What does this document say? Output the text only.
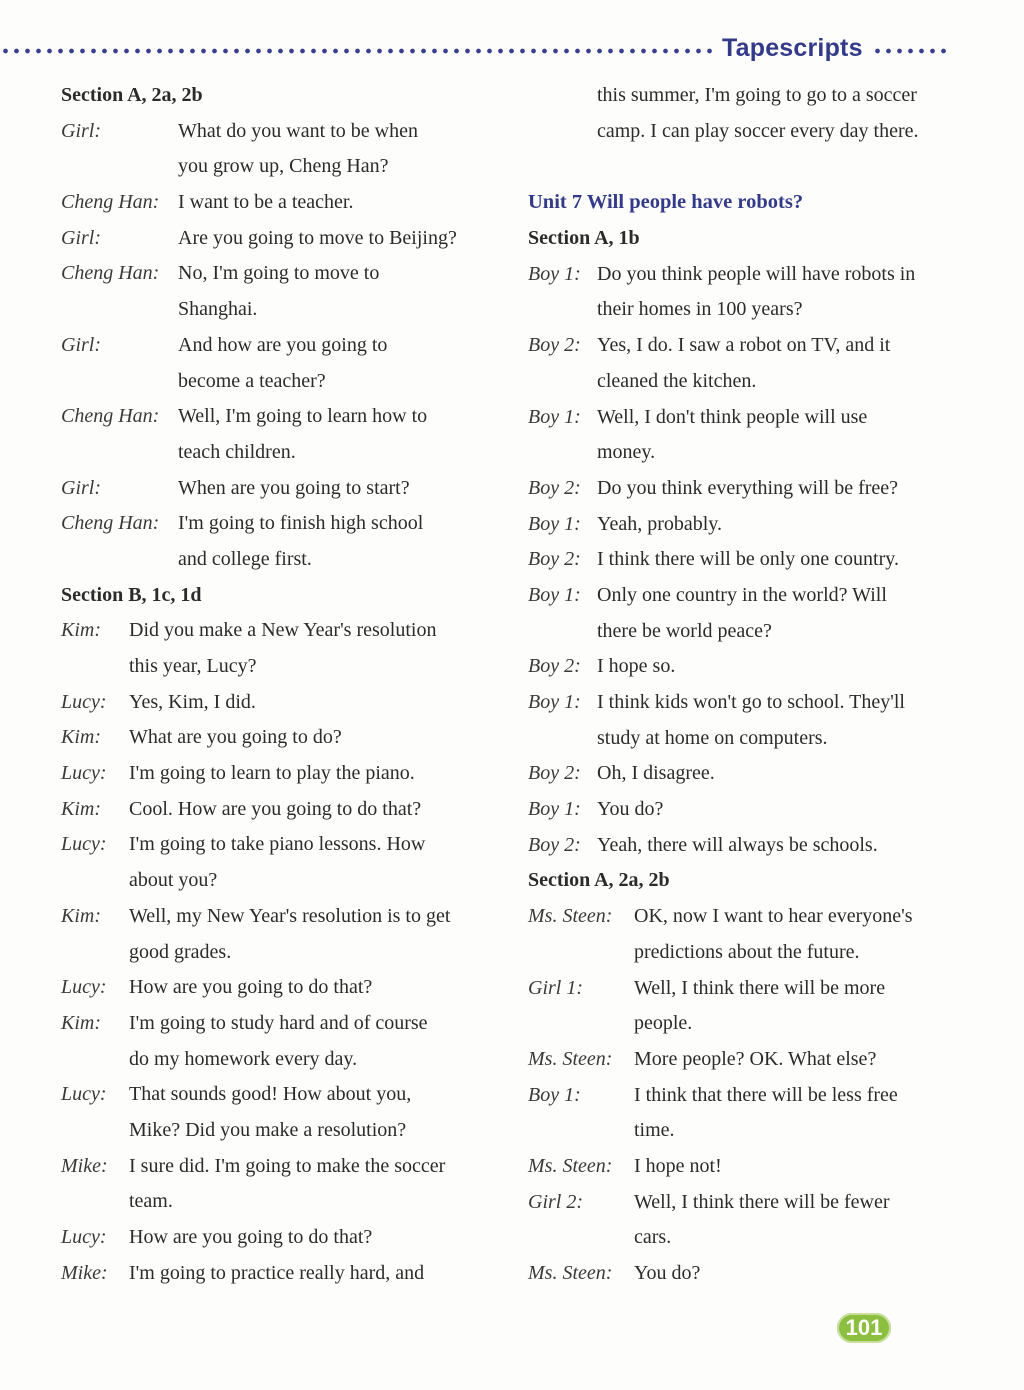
Tapescripts
Section A, 2a, 2b
Girl:	What do you want to be when
you grow up, Cheng Han?
Cheng Han: I want to be a teacher.
Girl:	Are you going to move to Beijing?
Cheng Han: No, I'm going to move to
Shanghai.
Girl:	And how are you going to
become a teacher?
Cheng Han: Well, I'm going to learn how to
teach children.
Girl:	When are you going to start?
Cheng Han: I'm going to finish high school
and college first.
Section B, 1c, 1d
Kim: Did you make a New Year's resolution
this year, Lucy?
Lucy: Yes, Kim, I did.
Kim: What are you going to do?
Lucy: I'm going to learn to play the piano.
Kim: Cool. How are you going to do that?
Lucy: I'm going to take piano lessons. How
about you?
Kim: Well, my New Year's resolution is to get
good grades.
Lucy: How are you going to do that?
Kim: I'm going to study hard and of course
do my homework every day.
Lucy: That sounds good! How about you,
Mike? Did you make a resolution?
Mike: I sure did. I'm going to make the soccer
team.
Lucy: How are you going to do that?
Mike: I'm going to practice really hard, and
this summer, I'm going to go to a soccer
camp. I can play soccer every day there.
Unit 7 Will people have robots?
Section A, 1b
Boy 1: Do you think people will have robots in
their homes in 100 years?
Boy 2: Yes, I do. I saw a robot on TV, and it
cleaned the kitchen.
Boy 1: Well, I don't think people will use
money.
Boy 2: Do you think everything will be free?
Boy 1: Yeah, probably.
Boy 2: I think there will be only one country.
Boy 1: Only one country in the world? Will
there be world peace?
Boy 2: I hope so.
Boy 1: I think kids won't go to school. They'll
study at home on computers.
Boy 2: Oh, I disagree.
Boy 1: You do?
Boy 2: Yeah, there will always be schools.
Section A, 2a, 2b
Ms. Steen: OK, now I want to hear everyone's
predictions about the future.
Girl 1:	Well, I think there will be more
people.
Ms. Steen: More people? OK. What else?
Boy 1:	I think that there will be less free
time.
Ms. Steen: I hope not!
Girl 2:	Well, I think there will be fewer
cars.
Ms. Steen: You do?
101
